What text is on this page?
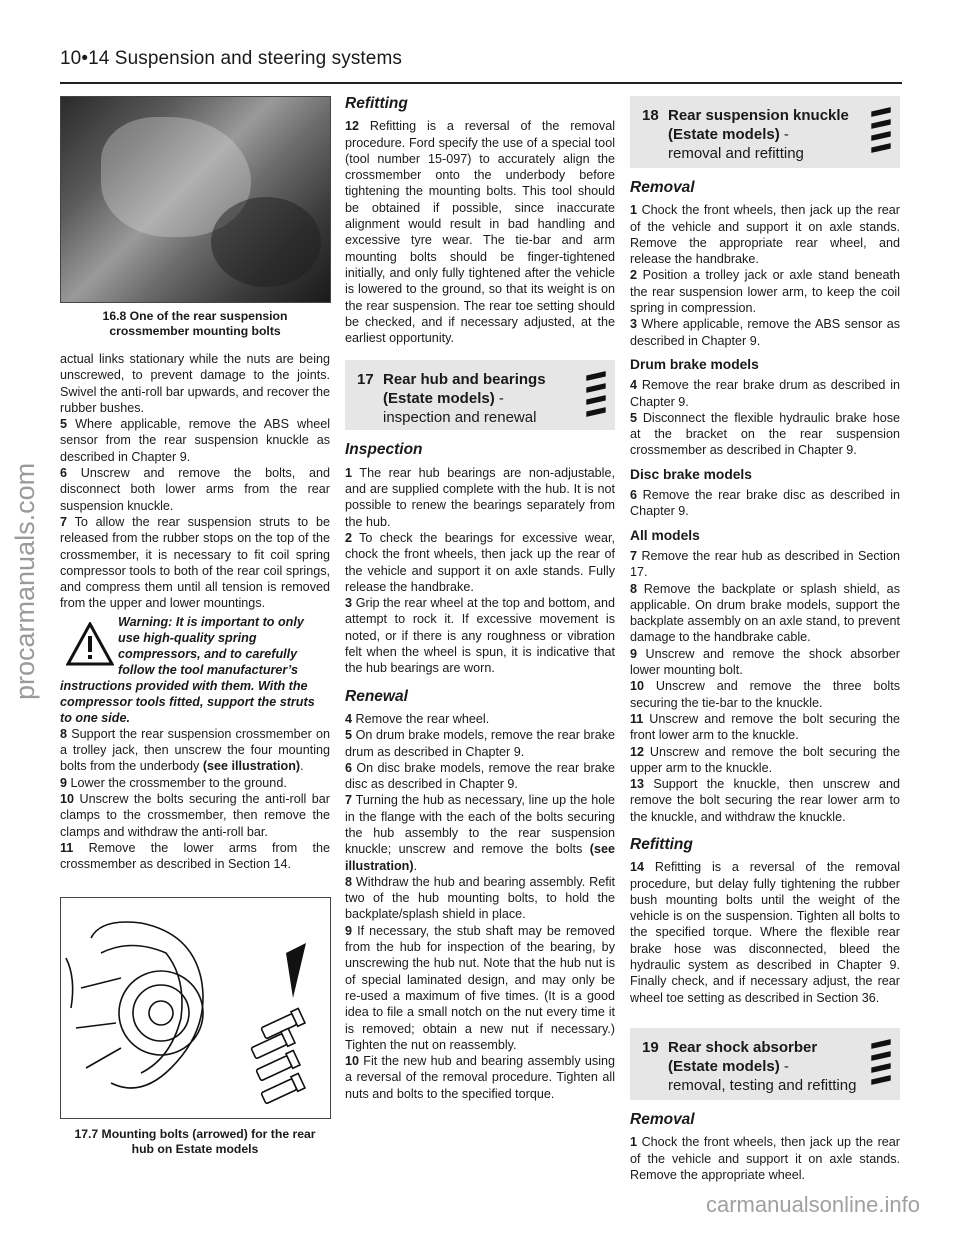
10•14 Suspension and steering systems
procarmanuals.com
carmanualsonline.info
16.8 One of the rear suspension
crossmember mounting bolts

actual links stationary while the nuts are being unscrewed, to prevent damage to the joints. Swivel the anti-roll bar upwards, and recover the rubber bushes.

5 Where applicable, remove the ABS wheel sensor from the rear suspension knuckle as described in Chapter 9.

6 Unscrew and remove the bolts, and disconnect both lower arms from the rear suspension knuckle.

7 To allow the rear suspension struts to be released from the rubber stops on the top of the crossmember, it is necessary to fit coil spring compressor tools to both of the rear coil springs, and compress them until all tension is removed from the upper and lower mountings.

Warning: It is important to only
use high-quality spring
compressors, and to carefully
follow the tool manufacturer’s
instructions provided with them. With the compressor tools fitted, support the struts to one side.

8 Support the rear suspension crossmember on a trolley jack, then unscrew the four mounting bolts from the underbody (see illustration).

9 Lower the crossmember to the ground.

10 Unscrew the bolts securing the anti-roll bar clamps to the crossmember, then remove the clamps and withdraw the anti-roll bar.

11 Remove the lower arms from the crossmember as described in Section 14.

17.7 Mounting bolts (arrowed) for the rear
hub on Estate models
Refitting

12 Refitting is a reversal of the removal procedure. Ford specify the use of a special tool (tool number 15-097) to accurately align the crossmember onto the underbody before tightening the mounting bolts. This tool should be obtained if possible, since inaccurate alignment would result in bad handling and excessive tyre wear. The tie-bar and arm mounting bolts should be finger-tightened initially, and only fully tightened after the vehicle is lowered to the ground, so that its weight is on the rear suspension. The rear toe setting should be checked, and if necessary adjusted, at the earliest opportunity.

17 Rear hub and bearings
(Estate models) -
inspection and renewal
Inspection

1 The rear hub bearings are non-adjustable, and are supplied complete with the hub. It is not possible to renew the bearings separately from the hub.

2 To check the bearings for excessive wear, chock the front wheels, then jack up the rear of the vehicle and support it on axle stands. Fully release the handbrake.

3 Grip the rear wheel at the top and bottom, and attempt to rock it. If excessive movement is noted, or if there is any roughness or vibration felt when the wheel is spun, it is indicative that the hub bearings are worn.

Renewal

4 Remove the rear wheel.

5 On drum brake models, remove the rear brake drum as described in Chapter 9.

6 On disc brake models, remove the rear brake disc as described in Chapter 9.

7 Turning the hub as necessary, line up the hole in the flange with the each of the bolts securing the hub assembly to the rear suspension knuckle; unscrew and remove the bolts (see illustration).

8 Withdraw the hub and bearing assembly. Refit two of the hub mounting bolts, to hold the backplate/splash shield in place.

9 If necessary, the stub shaft may be removed from the hub for inspection of the bearing, by unscrewing the hub nut. Note that the hub nut is of special laminated design, and may only be re-used a maximum of five times. (It is a good idea to file a small notch on the nut every time it is removed; obtain a new nut if necessary.) Tighten the nut on reassembly.

10 Fit the new hub and bearing assembly using a reversal of the removal procedure. Tighten all nuts and bolts to the specified torque.

18 Rear suspension knuckle
(Estate models) -
removal and refitting
Removal

1 Chock the front wheels, then jack up the rear of the vehicle and support it on axle stands. Remove the appropriate rear wheel, and release the handbrake.

2 Position a trolley jack or axle stand beneath the rear suspension lower arm, to keep the coil spring in compression.

3 Where applicable, remove the ABS sensor as described in Chapter 9.

Drum brake models

4 Remove the rear brake drum as described in Chapter 9.

5 Disconnect the flexible hydraulic brake hose at the bracket on the rear suspension crossmember as described in Chapter 9.

Disc brake models

6 Remove the rear brake disc as described in Chapter 9.

All models

7 Remove the rear hub as described in Section 17.

8 Remove the backplate or splash shield, as applicable. On drum brake models, support the backplate assembly on an axle stand, to prevent damage to the handbrake cable.

9 Unscrew and remove the shock absorber lower mounting bolt.

10 Unscrew and remove the three bolts securing the tie-bar to the knuckle.

11 Unscrew and remove the bolt securing the front lower arm to the knuckle.

12 Unscrew and remove the bolt securing the upper arm to the knuckle.

13 Support the knuckle, then unscrew and remove the bolt securing the rear lower arm to the knuckle, and withdraw the knuckle.

Refitting

14 Refitting is a reversal of the removal procedure, but delay fully tightening the rubber bush mounting bolts until the weight of the vehicle is on the suspension. Tighten all bolts to the specified torque. Where the flexible rear brake hose was disconnected, bleed the hydraulic system as described in Chapter 9. Finally check, and if necessary adjust, the rear wheel toe setting as described in Section 36.

19 Rear shock absorber
(Estate models) -
removal, testing and refitting
Removal

1 Chock the front wheels, then jack up the rear of the vehicle and support it on axle stands. Remove the appropriate wheel.
